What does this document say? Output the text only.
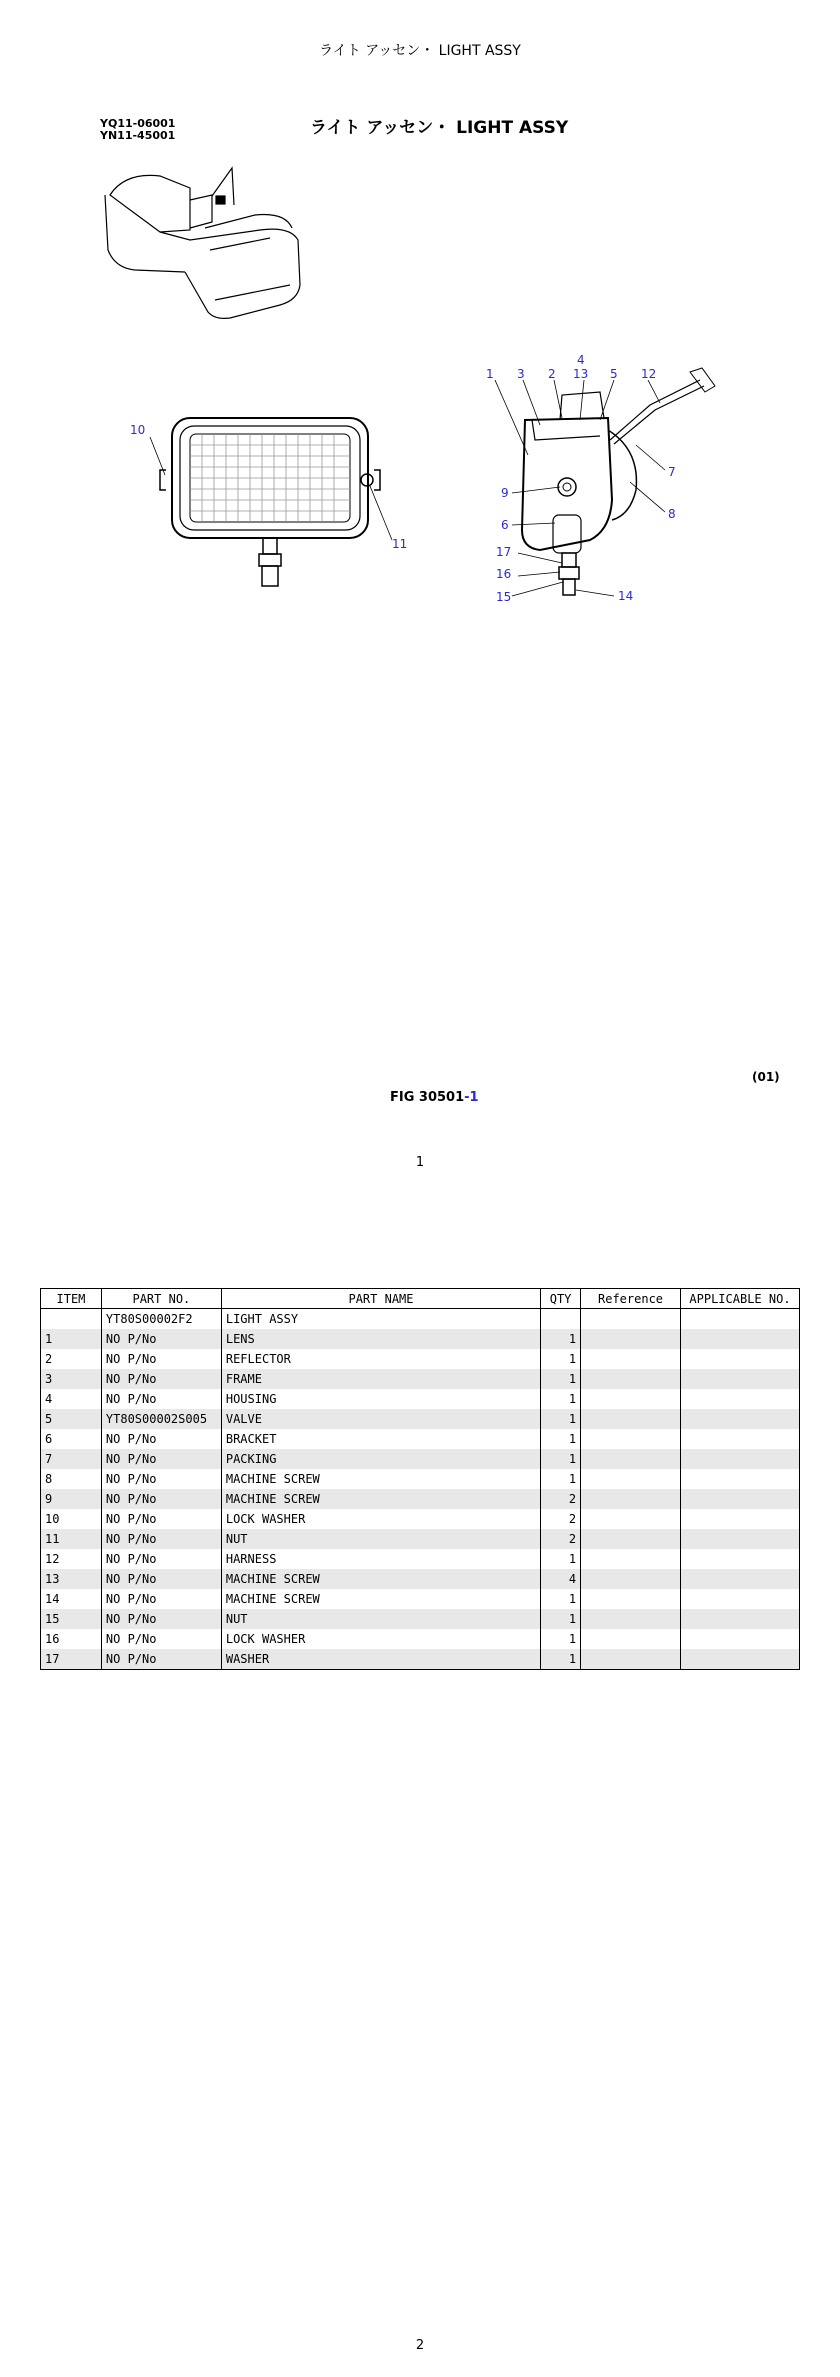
ライト アッセン・ LIGHT ASSY
YQ11-06001
YN11-45001	ライト アッセン・ LIGHT ASSY
1 3 2
4
13 5 12
7
8
9
6
10
11
17
16
15	14
(01)
FIG 30501-1
1
ITEM	PART NO.	PART NAME	QTY	Reference	APPLICABLE NO.
	YT80S00002F2	LIGHT ASSY			
1	NO P/No	LENS	1		
2	NO P/No	REFLECTOR	1		
3	NO P/No	FRAME	1		
4	NO P/No	HOUSING	1		
5	YT80S00002S005	VALVE	1		
6	NO P/No	BRACKET	1		
7	NO P/No	PACKING	1		
8	NO P/No	MACHINE SCREW	1		
9	NO P/No	MACHINE SCREW	2		
10	NO P/No	LOCK WASHER	2		
11	NO P/No	NUT	2		
12	NO P/No	HARNESS	1		
13	NO P/No	MACHINE SCREW	4		
14	NO P/No	MACHINE SCREW	1		
15	NO P/No	NUT	1		
16	NO P/No	LOCK WASHER	1		
17	NO P/No	WASHER	1		
2
